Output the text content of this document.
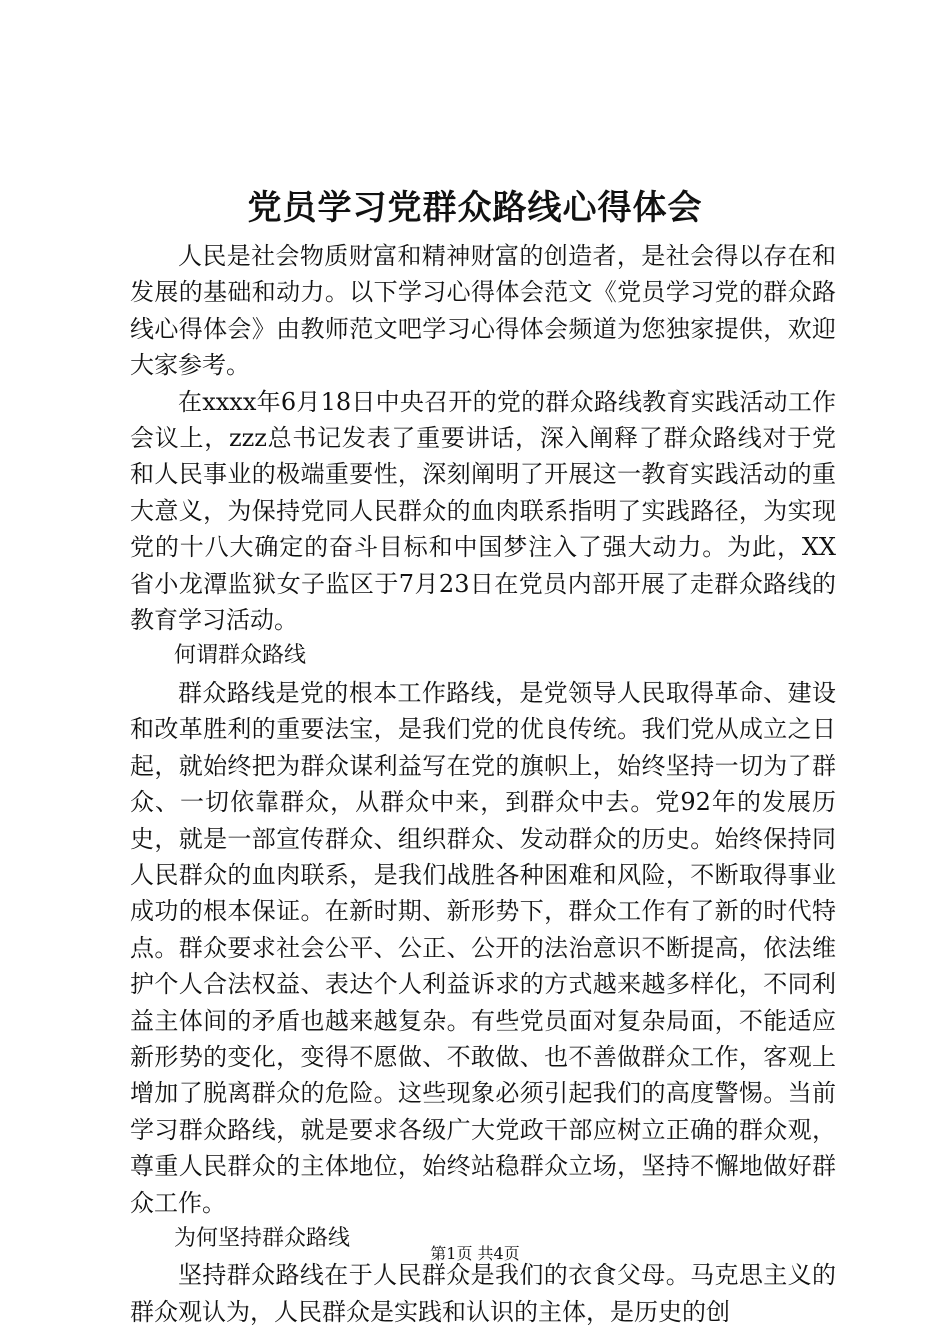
党员学习党群众路线心得体会

人民是社会物质财富和精神财富的创造者，是社会得以存在和发展的基础和动力。以下学习心得体会范文《党员学习党的群众路线心得体会》由教师范文吧学习心得体会频道为您独家提供，欢迎大家参考。

在xxxx年6月18日中央召开的党的群众路线教育实践活动工作会议上，zzz总书记发表了重要讲话，深入阐释了群众路线对于党和人民事业的极端重要性，深刻阐明了开展这一教育实践活动的重大意义，为保持党同人民群众的血肉联系指明了实践路径，为实现党的十八大确定的奋斗目标和中国梦注入了强大动力。为此，XX省小龙潭监狱女子监区于7月23日在党员内部开展了走群众路线的教育学习活动。

何谓群众路线

群众路线是党的根本工作路线，是党领导人民取得革命、建设和改革胜利的重要法宝，是我们党的优良传统。我们党从成立之日起，就始终把为群众谋利益写在党的旗帜上，始终坚持一切为了群众、一切依靠群众，从群众中来，到群众中去。党92年的发展历史，就是一部宣传群众、组织群众、发动群众的历史。始终保持同人民群众的血肉联系，是我们战胜各种困难和风险，不断取得事业成功的根本保证。在新时期、新形势下，群众工作有了新的时代特点。群众要求社会公平、公正、公开的法治意识不断提高，依法维护个人合法权益、表达个人利益诉求的方式越来越多样化，不同利益主体间的矛盾也越来越复杂。有些党员面对复杂局面，不能适应新形势的变化，变得不愿做、不敢做、也不善做群众工作，客观上增加了脱离群众的危险。这些现象必须引起我们的高度警惕。当前学习群众路线，就是要求各级广大党政干部应树立正确的群众观，尊重人民群众的主体地位，始终站稳群众立场，坚持不懈地做好群众工作。

为何坚持群众路线

坚持群众路线在于人民群众是我们的衣食父母。马克思主义的群众观认为，人民群众是实践和认识的主体，是历史的创

第1页 共4页
